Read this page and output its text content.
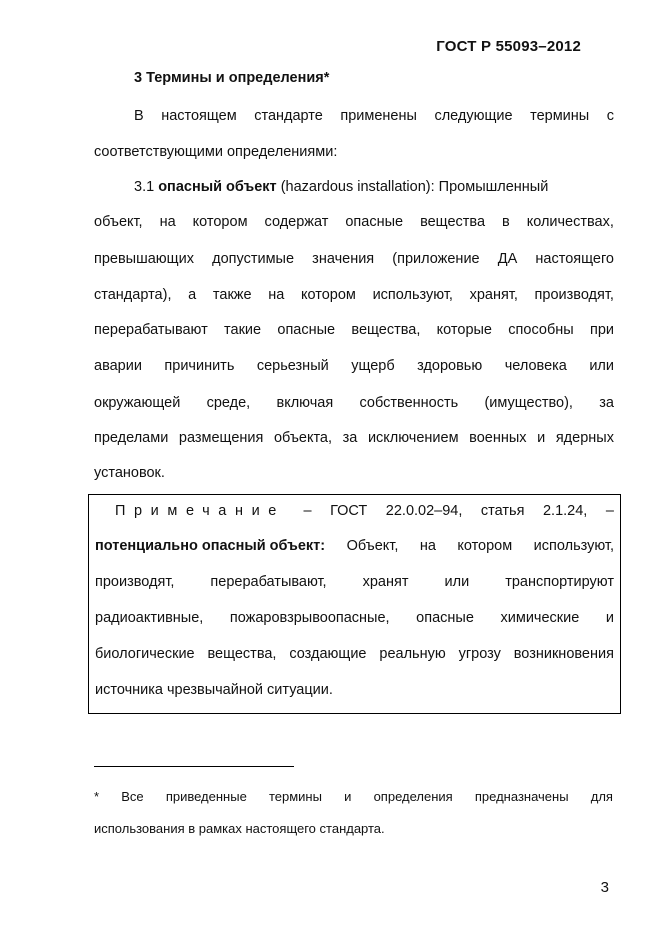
ГОСТ Р 55093–2012
3 Термины и определения*
В настоящем стандарте применены следующие термины с
соответствующими определениями:
3.1 опасный объект (hazardous installation): Промышленный
объект, на котором содержат опасные вещества в количествах,
превышающих допустимые значения (приложение ДА настоящего
стандарта), а также на котором используют, хранят, производят,
перерабатывают такие опасные вещества, которые способны при
аварии причинить серьезный ущерб здоровью человека или
окружающей среде, включая собственность (имущество), за
пределами размещения объекта, за исключением военных и ядерных
установок.
Примечание – ГОСТ 22.0.02–94, статья 2.1.24, –
потенциально опасный объект: Объект, на котором используют,
производят, перерабатывают, хранят или транспортируют
радиоактивные, пожаровзрывоопасные, опасные химические и
биологические вещества, создающие реальную угрозу возникновения
источника чрезвычайной ситуации.
* Все приведенные термины и определения предназначены для
использования в рамках настоящего стандарта.
3
